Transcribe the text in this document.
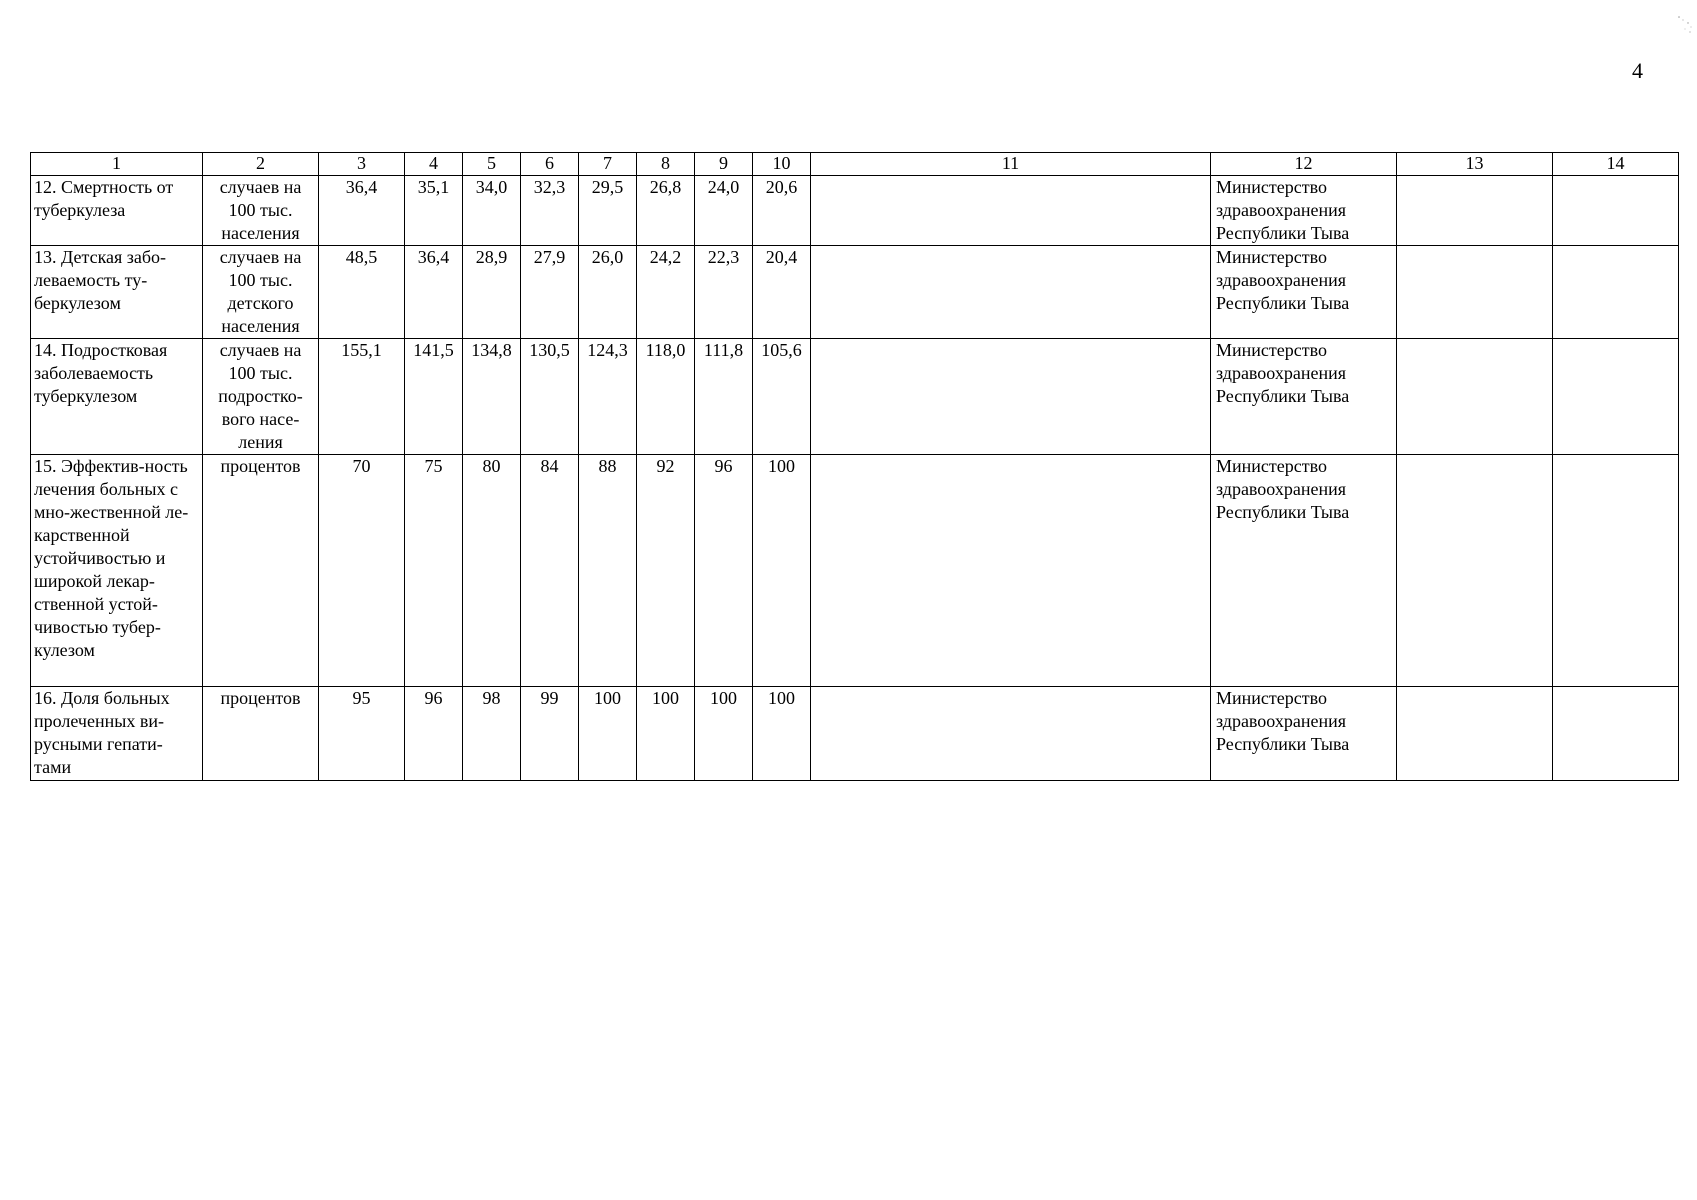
4
1	2	3	4	5	6	7	8	9	10	11	12	13	14
12. Смертность от туберкулеза	случаев на 100 тыс. населения	36,4	35,1	34,0	32,3	29,5	26,8	24,0	20,6		Министерство здравоохранения Республики Тыва		
13. Детская забо-леваемость ту-беркулезом	случаев на 100 тыс. детского населения	48,5	36,4	28,9	27,9	26,0	24,2	22,3	20,4		Министерство здравоохранения Республики Тыва		
14. Подростковая заболеваемость туберкулезом	случаев на 100 тыс. подростко-вого насе-ления	155,1	141,5	134,8	130,5	124,3	118,0	111,8	105,6		Министерство здравоохранения Республики Тыва		
15. Эффектив-ность лечения больных с мно-жественной ле-карственной устойчивостью и широкой лекар-ственной устой-чивостью тубер-кулезом	процентов	70	75	80	84	88	92	96	100		Министерство здравоохранения Республики Тыва		
16. Доля больных пролеченных ви-русными гепати-тами	процентов	95	96	98	99	100	100	100	100		Министерство здравоохранения Республики Тыва		
